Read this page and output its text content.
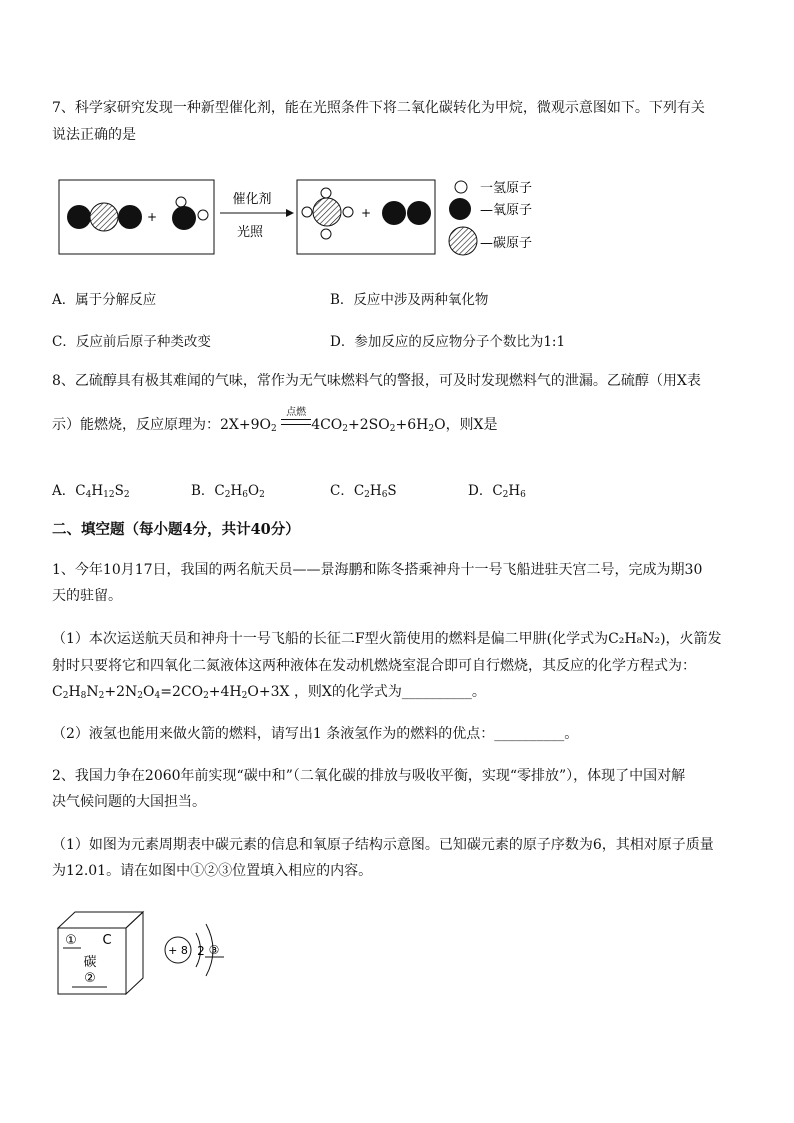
7、科学家研究发现一种新型催化剂，能在光照条件下将二氧化碳转化为甲烷，微观示意图如下。下列有关
说法正确的是
+
催化剂
光照
+
一氢原子
—氧原子
—碳原子
A．属于分解反应	B．反应中涉及两种氧化物
C．反应前后原子种类改变	D．参加反应的反应物分子个数比为1:1
8、乙硫醇具有极其难闻的气味，常作为无气味燃料气的警报，可及时发现燃料气的泄漏。乙硫醇（用X表
示）能燃烧，反应原理为：$2X+9O_2$
点燃
$4CO_2+2SO_2+6H_2O$，则X是
A．$C_4H_{12}S_2$	B．$C_2H_6O_2$	C．$C_2H_6S$	D．$C_2H_6$
二、填空题（每小题4分，共计40分）
1、今年10月17日，我国的两名航天员——景海鹏和陈冬搭乘神舟十一号飞船进驻天宫二号，完成为期30
天的驻留。
（1）本次运送航天员和神舟十一号飞船的长征二F型火箭使用的燃料是偏二甲肼(化学式为C₂H₈N₂)，火箭发
射时只要将它和四氧化二氮液体这两种液体在发动机燃烧室混合即可自行燃烧，其反应的化学方程式为：
$C_2H_8N_2+2N_2O_4=2CO_2+4H_2O+3X$ ，则X的化学式为__________。
（2）液氢也能用来做火箭的燃料，请写出1 条液氢作为的燃料的优点：__________。
2、我国力争在2060年前实现“碳中和”（二氧化碳的排放与吸收平衡，实现“零排放”），体现了中国对解
决气候问题的大国担当。
（1）如图为元素周期表中碳元素的信息和氧原子结构示意图。已知碳元素的原子序数为6，其相对原子质量
为12.01。请在如图中①②③位置填入相应的内容。
① C
碳
②
+ 8 2 ③
